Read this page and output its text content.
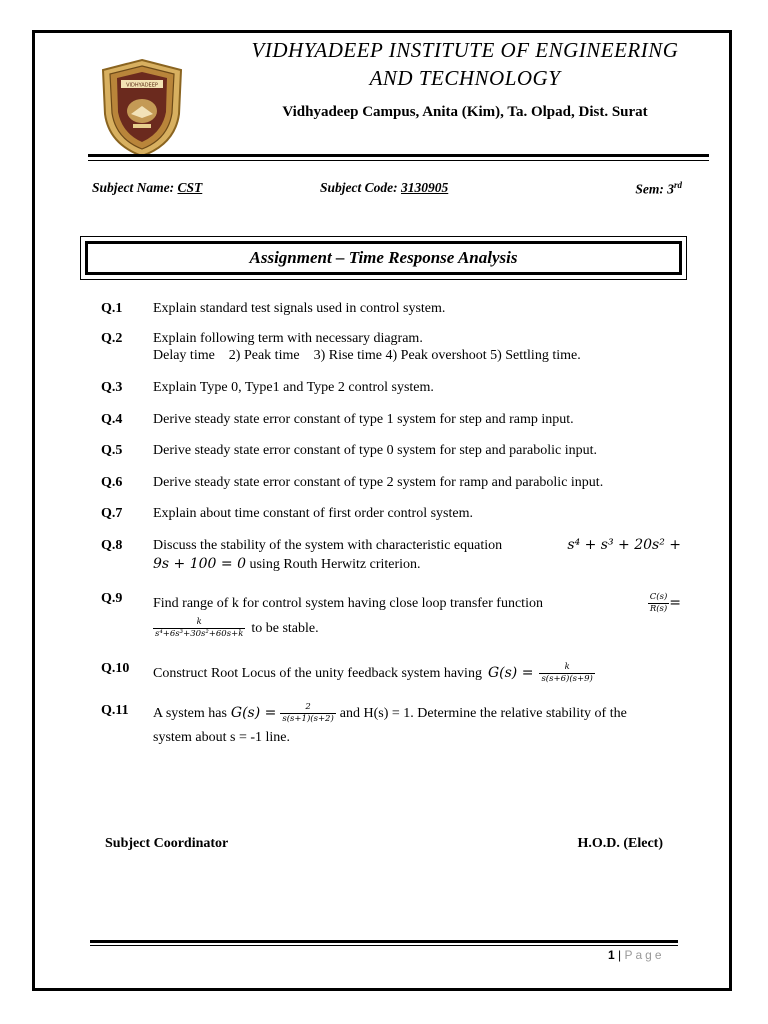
VIDHYADEEP
VIDHYADEEP INSTITUTE OF ENGINEERING
AND TECHNOLOGY
Vidhyadeep Campus, Anita (Kim), Ta. Olpad, Dist. Surat
Subject Name: CST	Subject Code: 3130905	Sem: 3rd
Assignment – Time Response Analysis
Q.1 Explain standard test signals used in control system.
Q.2 Explain following term with necessary diagram.
Delay time    2) Peak time    3) Rise time 4) Peak overshoot 5) Settling time.
Q.3 Explain Type 0, Type1 and Type 2 control system.
Q.4 Derive steady state error constant of type 1 system for step and ramp input.
Q.5 Derive steady state error constant of type 0 system for step and parabolic input.
Q.6 Derive steady state error constant of type 2 system for ramp and parabolic input.
Q.7 Explain about time constant of first order control system.
Q.8 Discuss the stability of the system with characteristic equation	s⁴ + s³ + 20s² +
9s + 100 = 0 using Routh Herwitz criterion.
Q.9 Find range of k for control system having close loop transfer function	$\frac{C(s)}{R(s)}$ =
$\frac{k}{\text{s⁴+6s³+30s²+60s+k}}$ to be stable.
Q.10 Construct Root Locus of the unity feedback system having $G(s) = \frac{k}{s(s+6)(s+9)}$
Q.11 A system has $G(s) = \frac{2}{s(s+1)(s+2)}$ and H(s) = 1. Determine the relative stability of the
system about s = -1 line.
Subject Coordinator	H.O.D. (Elect)
1 | Page
